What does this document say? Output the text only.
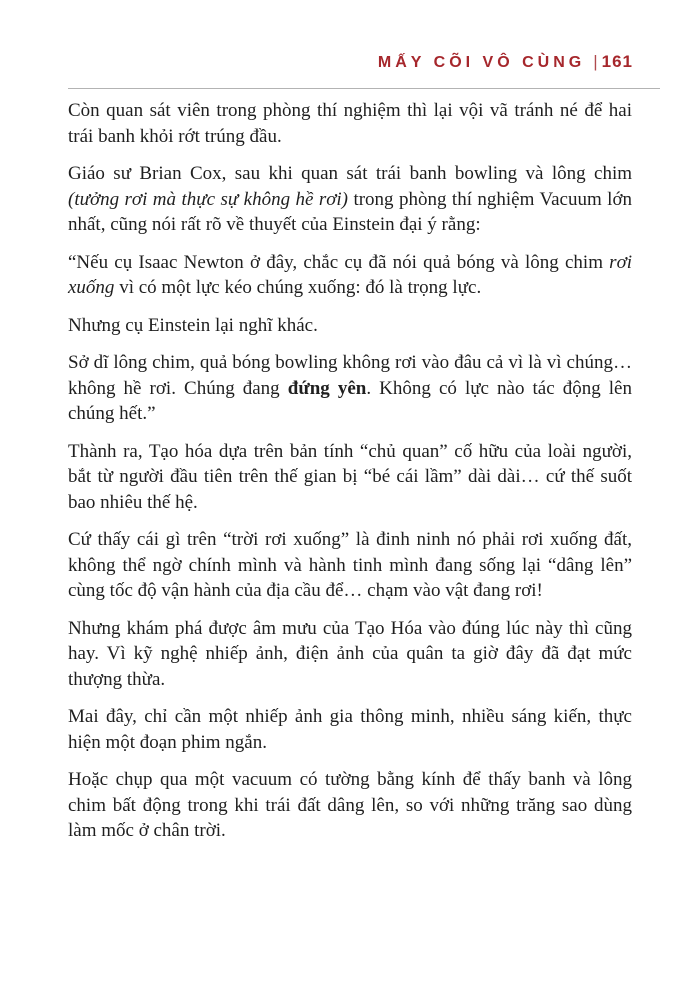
MẤY CÕI VÔ CÙNG | 161

Còn quan sát viên trong phòng thí nghiệm thì lại vội vã tránh né để hai trái banh khỏi rớt trúng đầu.

Giáo sư Brian Cox, sau khi quan sát trái banh bowling và lông chim (tưởng rơi mà thực sự không hề rơi) trong phòng thí nghiệm Vacuum lớn nhất, cũng nói rất rõ về thuyết của Einstein đại ý rằng:

“Nếu cụ Isaac Newton ở đây, chắc cụ đã nói quả bóng và lông chim rơi xuống vì có một lực kéo chúng xuống: đó là trọng lực.

Nhưng cụ Einstein lại nghĩ khác.

Sở dĩ lông chim, quả bóng bowling không rơi vào đâu cả vì là vì chúng… không hề rơi. Chúng đang đứng yên. Không có lực nào tác động lên chúng hết.”

Thành ra, Tạo hóa dựa trên bản tính “chủ quan” cố hữu của loài người, bắt từ người đầu tiên trên thế gian bị “bé cái lầm” dài dài… cứ thế suốt bao nhiêu thế hệ.

Cứ thấy cái gì trên “trời rơi xuống” là đinh ninh nó phải rơi xuống đất, không thể ngờ chính mình và hành tinh mình đang sống lại “dâng lên” cùng tốc độ vận hành của địa cầu để… chạm vào vật đang rơi!

Nhưng khám phá được âm mưu của Tạo Hóa vào đúng lúc này thì cũng hay. Vì kỹ nghệ nhiếp ảnh, điện ảnh của quân ta giờ đây đã đạt mức thượng thừa.

Mai đây, chỉ cần một nhiếp ảnh gia thông minh, nhiều sáng kiến, thực hiện một đoạn phim ngắn.

Hoặc chụp qua một vacuum có tường bằng kính để thấy banh và lông chim bất động trong khi trái đất dâng lên, so với những trăng sao dùng làm mốc ở chân trời.
